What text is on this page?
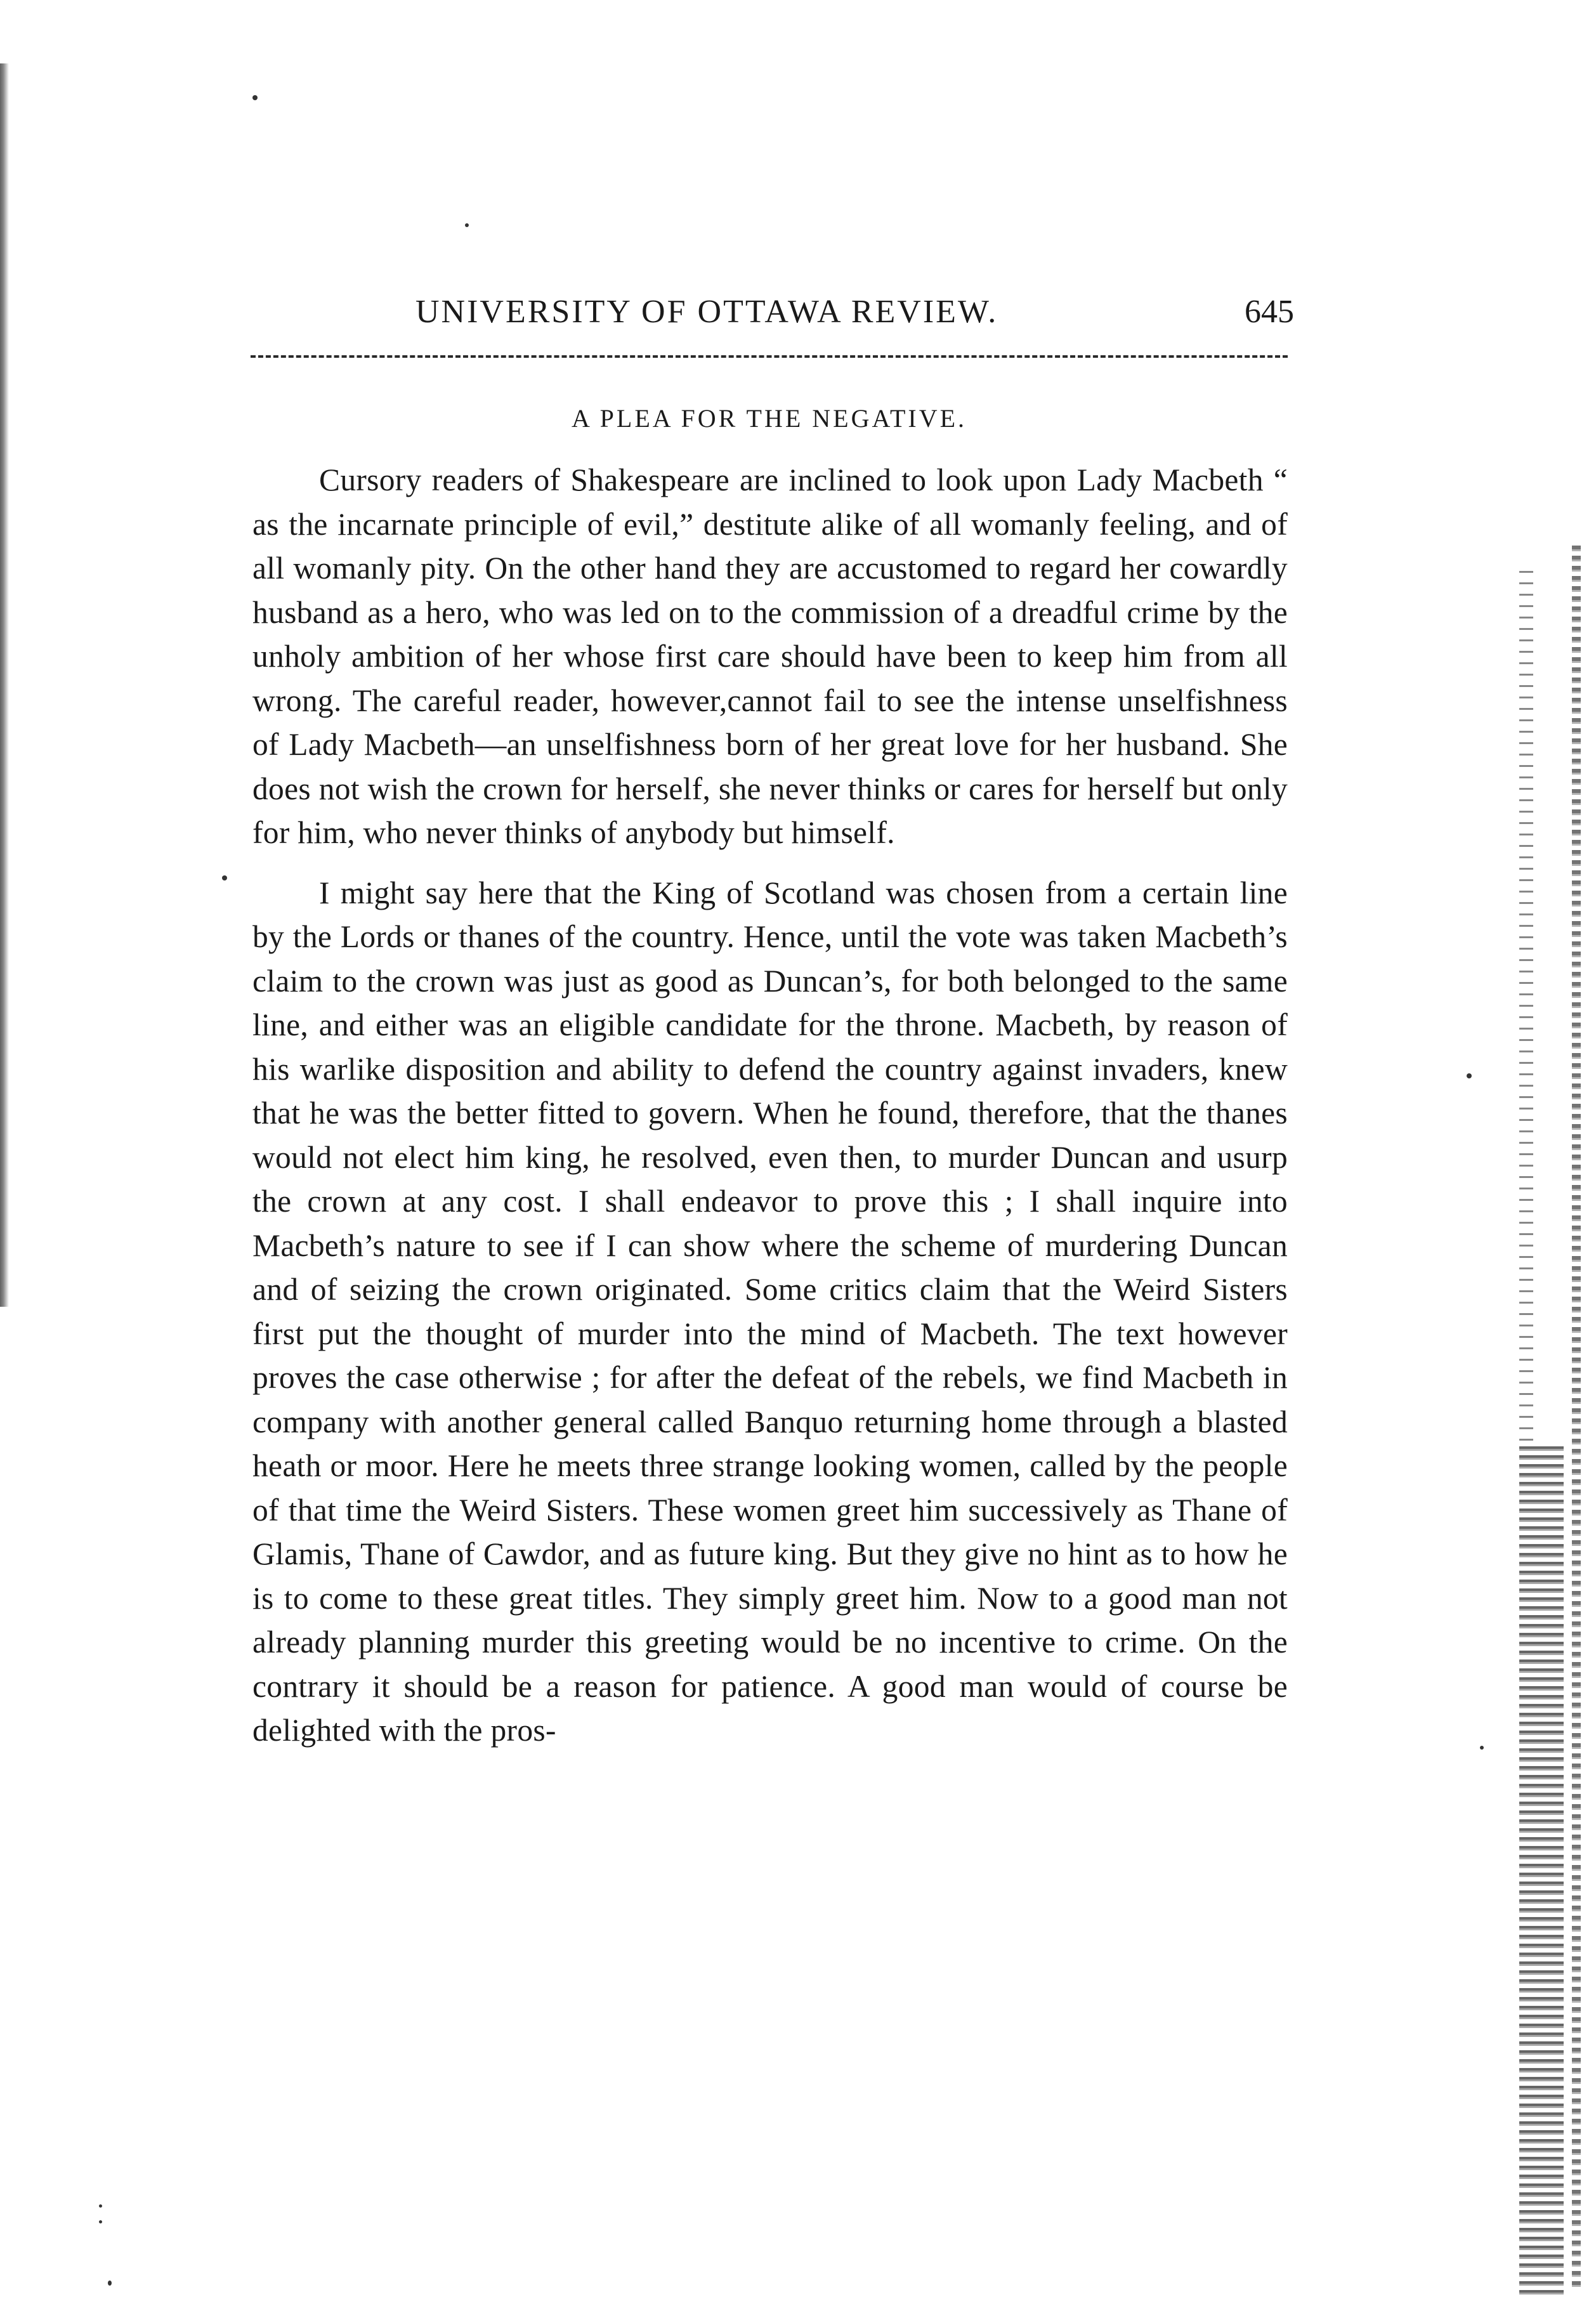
UNIVERSITY OF OTTAWA REVIEW.	645
A PLEA FOR THE NEGATIVE.

Cursory readers of Shakespeare are inclined to look upon Lady Macbeth “ as the incarnate principle of evil,” destitute alike of all womanly feeling, and of all womanly pity. On the other hand they are accustomed to regard her cowardly husband as a hero, who was led on to the commission of a dreadful crime by the unholy ambition of her whose first care should have been to keep him from all wrong. The careful reader, however,cannot fail to see the intense unselfishness of Lady Macbeth—an unselfishness born of her great love for her husband. She does not wish the crown for herself, she never thinks or cares for herself but only for him, who never thinks of anybody but himself.

I might say here that the King of Scotland was chosen from a certain line by the Lords or thanes of the country. Hence, until the vote was taken Macbeth’s claim to the crown was just as good as Duncan’s, for both belonged to the same line, and either was an eligible candidate for the throne. Macbeth, by reason of his warlike disposition and ability to defend the country against invaders, knew that he was the better fitted to govern. When he found, therefore, that the thanes would not elect him king, he resolved, even then, to murder Duncan and usurp the crown at any cost. I shall endeavor to prove this ; I shall inquire into Macbeth’s nature to see if I can show where the scheme of murdering Duncan and of seizing the crown originated. Some critics claim that the Weird Sisters first put the thought of murder into the mind of Macbeth. The text however proves the case otherwise ; for after the defeat of the rebels, we find Macbeth in company with another general called Banquo returning home through a blasted heath or moor. Here he meets three strange looking women, called by the people of that time the Weird Sisters. These women greet him successively as Thane of Glamis, Thane of Cawdor, and as future king. But they give no hint as to how he is to come to these great titles. They simply greet him. Now to a good man not already planning murder this greeting would be no incentive to crime. On the contrary it should be a reason for patience. A good man would of course be delighted with the pros-
